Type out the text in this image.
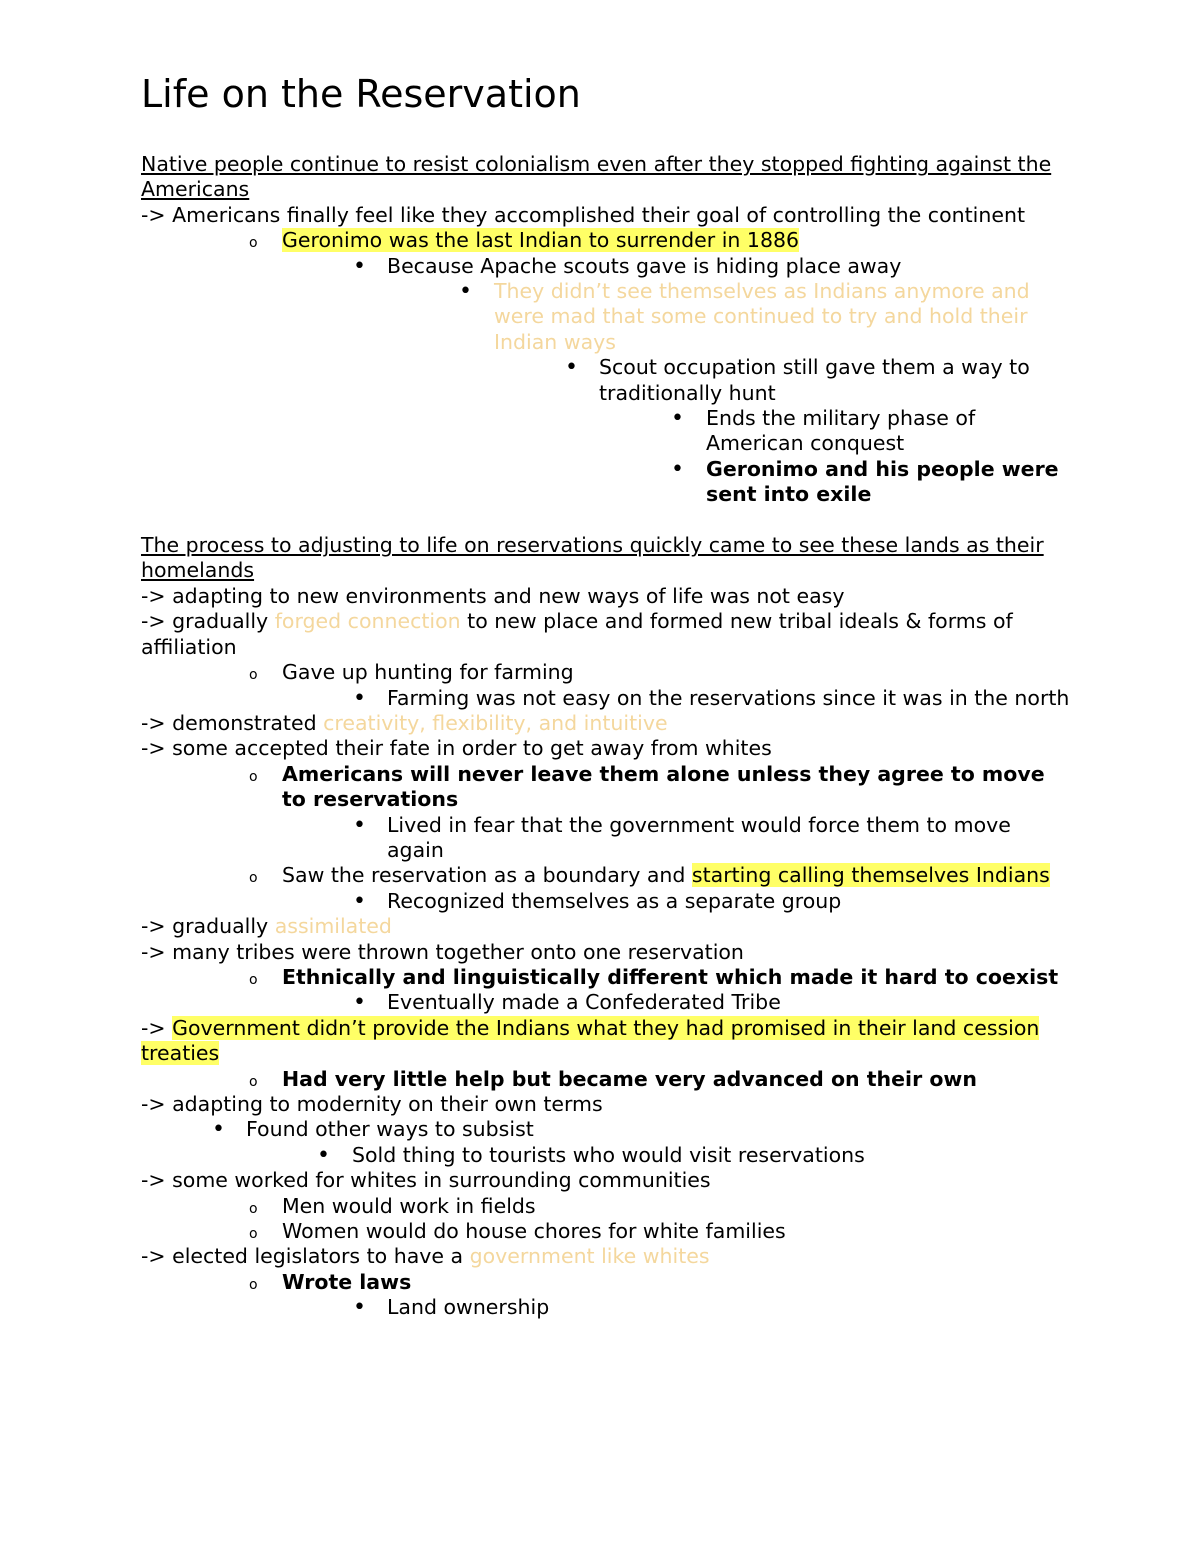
Life on the Reservation
Native people continue to resist colonialism even after they stopped fighting against the Americans
-> Americans finally feel like they accomplished their goal of controlling the continent
o Geronimo was the last Indian to surrender in 1886
• Because Apache scouts gave is hiding place away
• They didn’t see themselves as Indians anymore and were mad that some continued to try and hold their Indian ways
• Scout occupation still gave them a way to traditionally hunt
• Ends the military phase of American conquest
• Geronimo and his people were sent into exile
The process to adjusting to life on reservations quickly came to see these lands as their homelands
-> adapting to new environments and new ways of life was not easy
-> gradually forged connection to new place and formed new tribal ideals & forms of affiliation
o Gave up hunting for farming
• Farming was not easy on the reservations since it was in the north
-> demonstrated creativity, flexibility, and intuitive
-> some accepted their fate in order to get away from whites
o Americans will never leave them alone unless they agree to move to reservations
• Lived in fear that the government would force them to move again
o Saw the reservation as a boundary and starting calling themselves Indians
• Recognized themselves as a separate group
-> gradually assimilated
-> many tribes were thrown together onto one reservation
o Ethnically and linguistically different which made it hard to coexist
• Eventually made a Confederated Tribe
-> Government didn’t provide the Indians what they had promised in their land cession treaties
o Had very little help but became very advanced on their own
-> adapting to modernity on their own terms
• Found other ways to subsist
• Sold thing to tourists who would visit reservations
-> some worked for whites in surrounding communities
o Men would work in fields
o Women would do house chores for white families
-> elected legislators to have a government like whites
o Wrote laws
• Land ownership
